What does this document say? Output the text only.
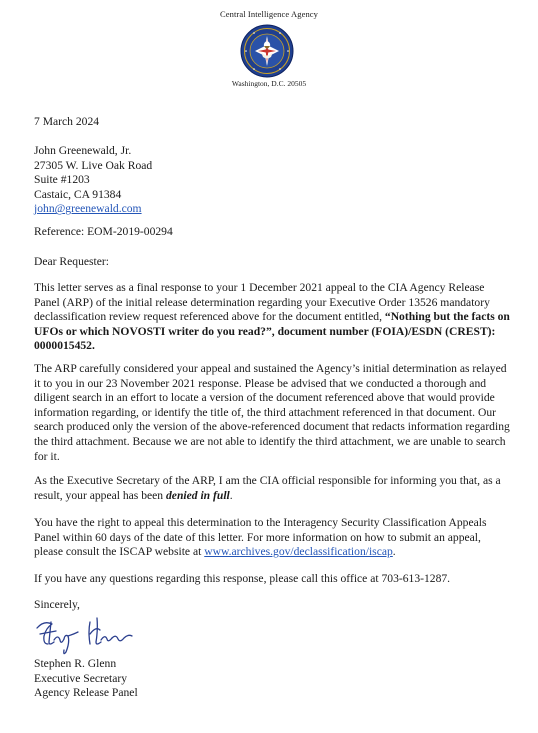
Central Intelligence Agency
Washington, D.C. 20505
7 March 2024
John Greenewald, Jr.
27305 W. Live Oak Road
Suite #1203
Castaic, CA 91384
john@greenewald.com
Reference: EOM-2019-00294
Dear Requester:
This letter serves as a final response to your 1 December 2021 appeal to the CIA Agency Release Panel (ARP) of the initial release determination regarding your Executive Order 13526 mandatory declassification review request referenced above for the document entitled, “Nothing but the facts on UFOs or which NOVOSTI writer do you read?”, document number (FOIA)/ESDN (CREST): 0000015452.
The ARP carefully considered your appeal and sustained the Agency’s initial determination as relayed it to you in our 23 November 2021 response. Please be advised that we conducted a thorough and diligent search in an effort to locate a version of the document referenced above that would provide information regarding, or identify the title of, the third attachment referenced in that document. Our search produced only the version of the above-referenced document that redacts information regarding the third attachment. Because we are not able to identify the third attachment, we are unable to search for it.
As the Executive Secretary of the ARP, I am the CIA official responsible for informing you that, as a result, your appeal has been denied in full.
You have the right to appeal this determination to the Interagency Security Classification Appeals Panel within 60 days of the date of this letter. For more information on how to submit an appeal, please consult the ISCAP website at www.archives.gov/declassification/iscap.
If you have any questions regarding this response, please call this office at 703-613-1287.
Sincerely,
Stephen R. Glenn
Executive Secretary
Agency Release Panel
